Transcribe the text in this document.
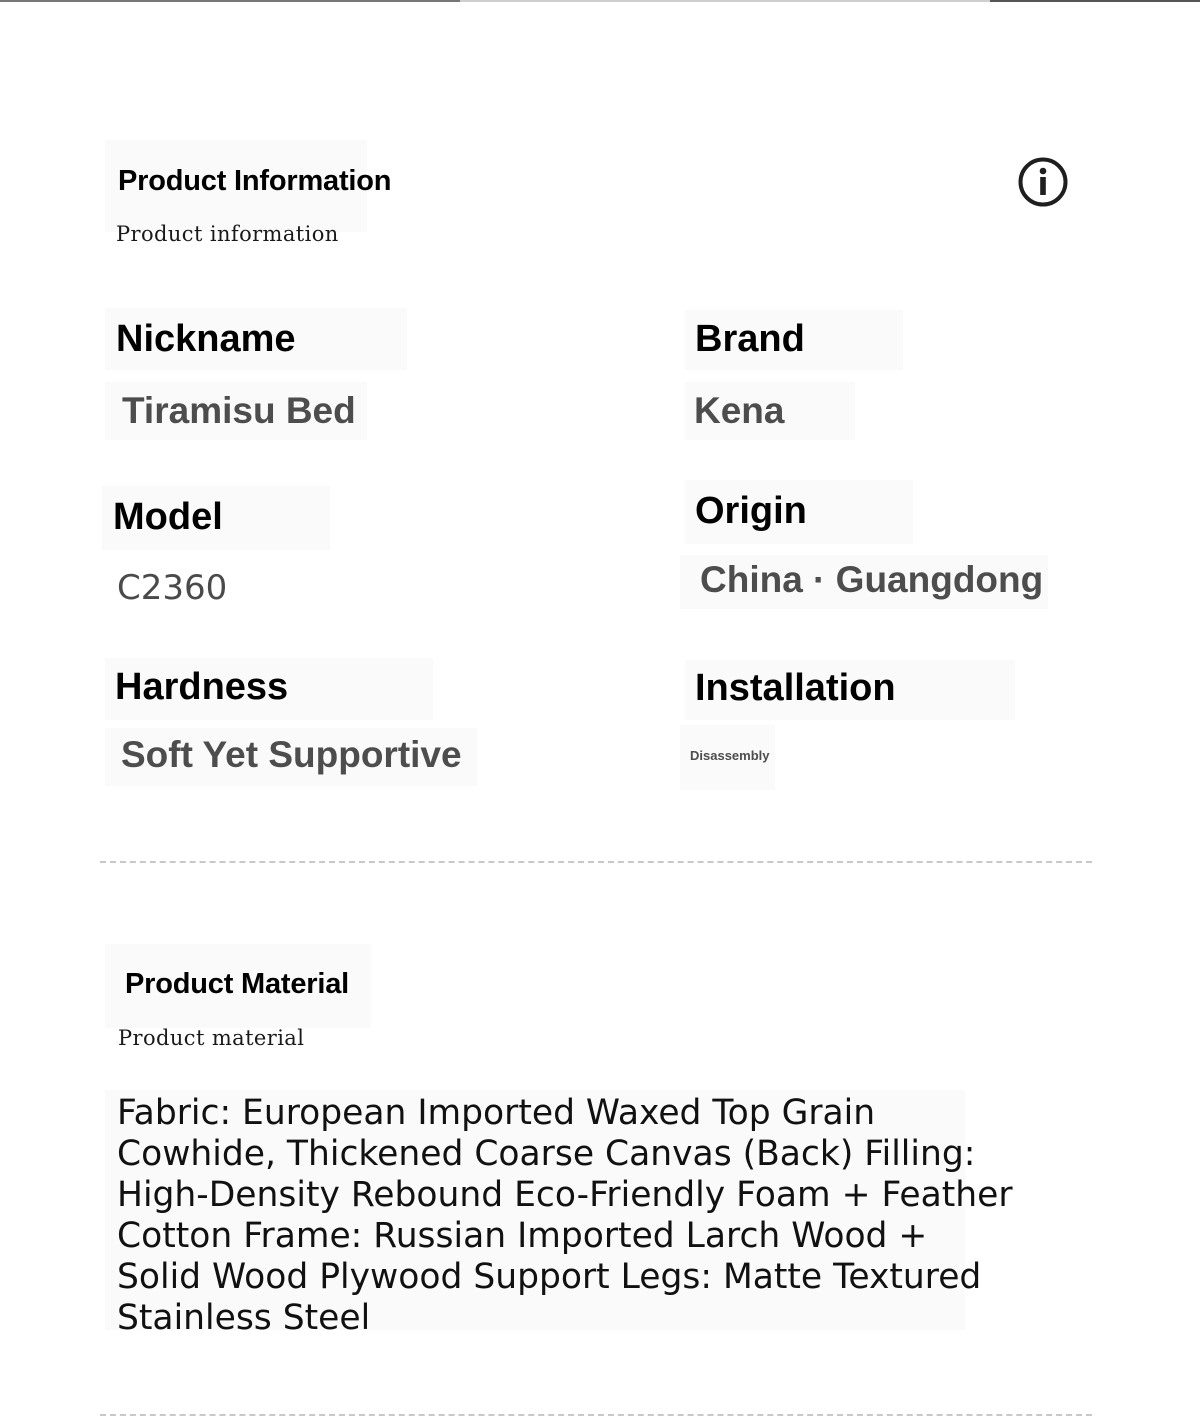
Product Information
Product information
Nickname
Tiramisu Bed
Brand
Kena
Model
C2360
Origin
China · Guangdong
Hardness
Soft Yet Supportive
Installation
Disassembly
Product Material
Product material
Fabric: European Imported Waxed Top Grain Cowhide, Thickened Coarse Canvas (Back) Filling: High-Density Rebound Eco-Friendly Foam + Feather Cotton Frame: Russian Imported Larch Wood + Solid Wood Plywood Support Legs: Matte Textured Stainless Steel
